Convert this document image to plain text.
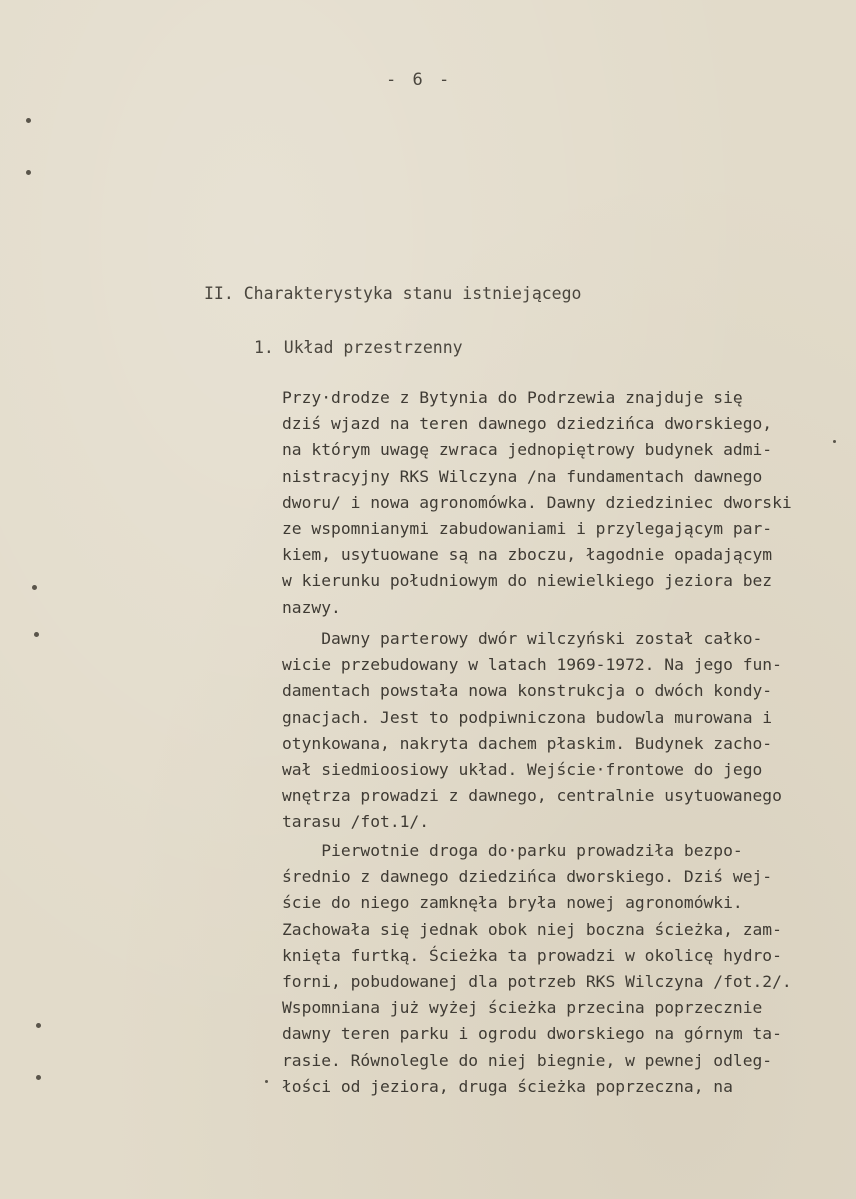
- 6 -
II. Charakterystyka stanu istniejącego
1. Układ przestrzenny
Przy·drodze z Bytynia do Podrzewia znajduje się
dziś wjazd na teren dawnego dziedzińca dworskiego,
na którym uwagę zwraca jednopiętrowy budynek admi-
nistracyjny RKS Wilczyna /na fundamentach dawnego
dworu/ i nowa agronomówka. Dawny dziedziniec dworski
ze wspomnianymi zabudowaniami i przylegającym par-
kiem, usytuowane są na zboczu, łagodnie opadającym
w kierunku południowym do niewielkiego jeziora bez
nazwy.
Dawny parterowy dwór wilczyński został całko-
wicie przebudowany w latach 1969-1972. Na jego fun-
damentach powstała nowa konstrukcja o dwóch kondy-
gnacjach. Jest to podpiwniczona budowla murowana i
otynkowana, nakryta dachem płaskim. Budynek zacho-
wał siedmioosiowy układ. Wejście·frontowe do jego
wnętrza prowadzi z dawnego, centralnie usytuowanego
tarasu /fot.1/.
Pierwotnie droga do·parku prowadziła bezpo-
średnio z dawnego dziedzińca dworskiego. Dziś wej-
ście do niego zamknęła bryła nowej agronomówki.
Zachowała się jednak obok niej boczna ścieżka, zam-
knięta furtką. Ścieżka ta prowadzi w okolicę hydro-
forni, pobudowanej dla potrzeb RKS Wilczyna /fot.2/.
Wspomniana już wyżej ścieżka przecina poprzecznie
dawny teren parku i ogrodu dworskiego na górnym ta-
rasie. Równolegle do niej biegnie, w pewnej odleg-
łości od jeziora, druga ścieżka poprzeczna, na
